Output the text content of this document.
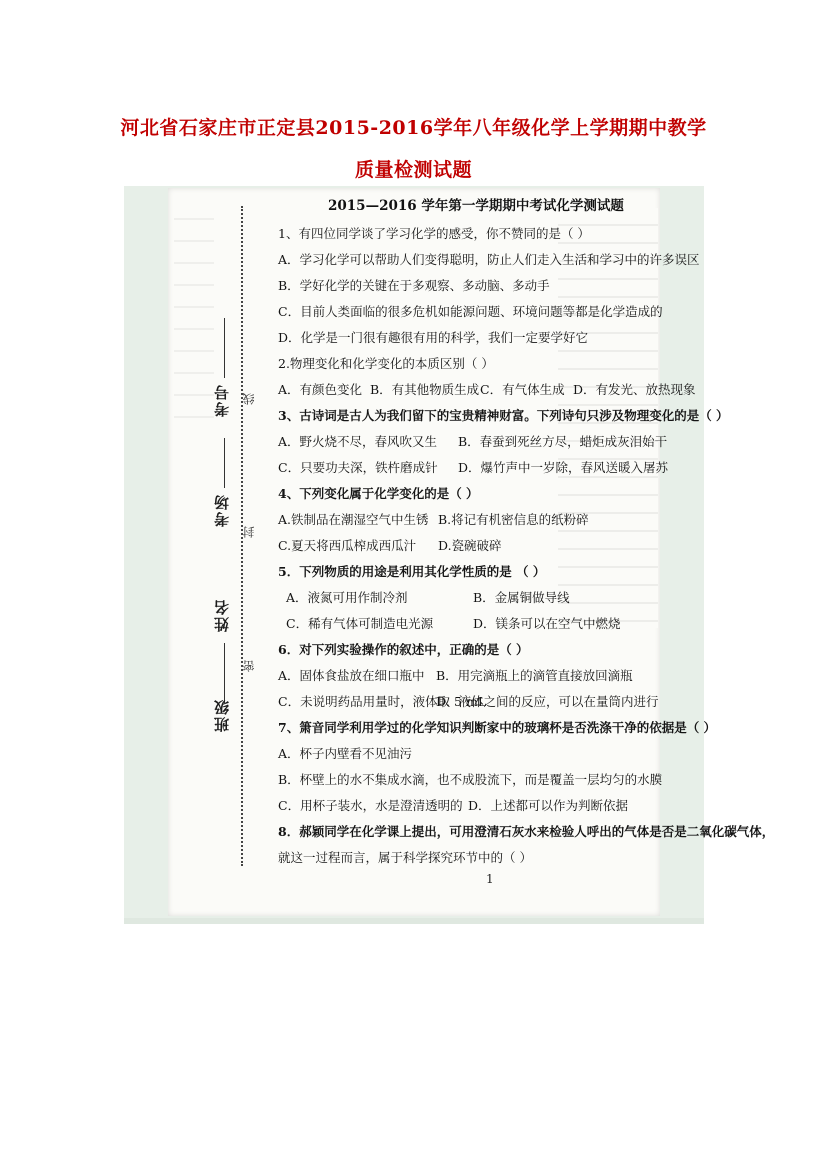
河北省石家庄市正定县2015-2016学年八年级化学上学期期中教学
质量检测试题
考号 线
考场
封
姓名
密
班级
2015—2016 学年第一学期期中考试化学测试题
1、有四位同学谈了学习化学的感受，你不赞同的是（ ）
A．学习化学可以帮助人们变得聪明，防止人们走入生活和学习中的许多误区
B．学好化学的关键在于多观察、多动脑、多动手
C．目前人类面临的很多危机如能源问题、环境问题等都是化学造成的
D．化学是一门很有趣很有用的科学，我们一定要学好它
2.物理变化和化学变化的本质区别（ ）
A．有颜色变化 B．有其他物质生成 C．有气体生成 D．有发光、放热现象
3、古诗词是古人为我们留下的宝贵精神财富。下列诗句只涉及物理变化的是（ ）
A．野火烧不尽，春风吹又生 B．春蚕到死丝方尽，蜡炬成灰泪始干
C．只要功夫深，铁杵磨成针 D．爆竹声中一岁除，春风送暖入屠苏
4、下列变化属于化学变化的是（ ）
A.铁制品在潮湿空气中生锈 B.将记有机密信息的纸粉碎
C.夏天将西瓜榨成西瓜汁 D.瓷碗破碎
5．下列物质的用途是利用其化学性质的是 （ ）
A．液氮可用作制冷剂	B．金属铜做导线
C．稀有气体可制造电光源	D．镁条可以在空气中燃烧
6．对下列实验操作的叙述中，正确的是（ ）
A．固体食盐放在细口瓶中 B．用完滴瓶上的滴管直接放回滴瓶
C．未说明药品用量时，液体取 5 mL
D．液体之间的反应，可以在量筒内进行
7、箫音同学利用学过的化学知识判断家中的玻璃杯是否洗涤干净的依据是（ ）
A．杯子内壁看不见油污
B．杯壁上的水不集成水滴，也不成股流下，而是覆盖一层均匀的水膜
C．用杯子装水，水是澄清透明的 D．上述都可以作为判断依据
8．郝颖同学在化学课上提出，可用澄清石灰水来检验人呼出的气体是否是二氧化碳气体，
就这一过程而言，属于科学探究环节中的（ ）
1
